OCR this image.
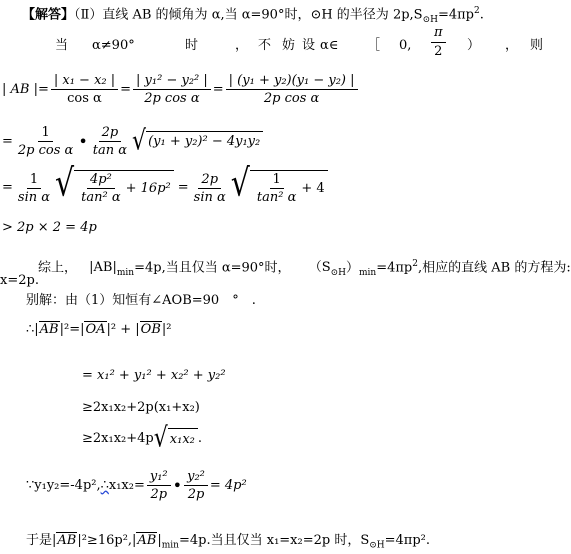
【解答】（Ⅱ）直线 AB 的倾角为 α,当 α=90°时，⊙H 的半径为 $2p,S_{⊙H}=4\pi p^2$.
当 α≠90°	时	， 不 妨 设 α∈ ［ 0,
π
2 ） ， 则
| AB |= $\frac{\text{| x₁ − x₂ |}}{\text{cos α}} = \frac{\text{| y₁² − y₂² |}}{\text{2p cos α}} = \frac{\text{| (y₁ + y₂)(y₁ − y₂) |}}{\text{2p cos α}}$
= $\frac{1}{\text{2p cos α}}$ • $\frac{2p}{\text{tan α}}$ √ (y₁ + y₂)² − 4y₁y₂
= $\frac{1}{\text{sin α}}$ √ $\frac{\text{4p²}}{\text{tan² α}} + 16p^2 = \frac{2p}{\text{sin α}}$ √ $\frac{1}{\text{tan² α}} + 4$
> 2p × 2 = 4p
综上， $|AB|_{min}=4p$,当且仅当 α=90°时， $(S_{⊙H})_{min}=4\pi p^2$,相应的直线 AB 的方程为:
x=2p.
别解：由（1）知恒有∠AOB=90　°　.
∴|AB|²=|OA|² + |OB|²
= x₁² + y₁² + x₂² + y₂²
≥2x₁x₂+2p(x₁+x₂)
≥2x₁x₂+4p √ x₁x₂ .
∵y₁y₂=-4p², ∴ $x_1x_2= \frac{\text{y₁²}}{2p}$ • $\frac{\text{y₂²}}{2p} = 4p^2$
于是$|AB|^2\ge 16p^2,|AB|_{min}=4p$.当且仅当 x₁=x₂=2p 时，$S_{⊙H}=4\pi p^2$.
